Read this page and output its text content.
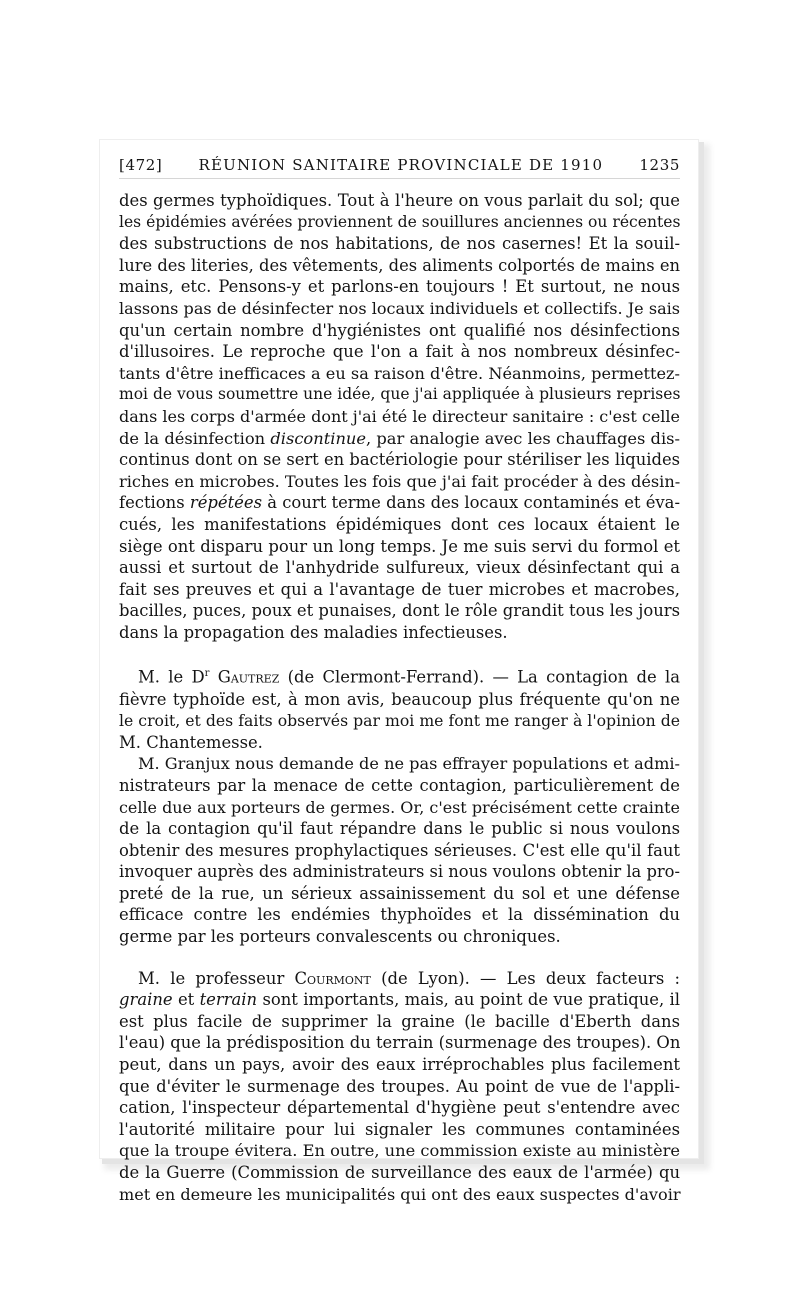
[472] RÉUNION SANITAIRE PROVINCIALE DE 1910 1235

des germes typhoïdiques. Tout à l'heure on vous parlait du sol; que
les épidémies avérées proviennent de souillures anciennes ou récentes
des substructions de nos habitations, de nos casernes! Et la souil-
lure des literies, des vêtements, des aliments colportés de mains en
mains, etc. Pensons-y et parlons-en toujours ! Et surtout, ne nous
lassons pas de désinfecter nos locaux individuels et collectifs. Je sais
qu'un certain nombre d'hygiénistes ont qualifié nos désinfections
d'illusoires. Le reproche que l'on a fait à nos nombreux désinfec-
tants d'être inefficaces a eu sa raison d'être. Néanmoins, permettez-
moi de vous soumettre une idée, que j'ai appliquée à plusieurs reprises
dans les corps d'armée dont j'ai été le directeur sanitaire : c'est celle
de la désinfection discontinue, par analogie avec les chauffages dis-
continus dont on se sert en bactériologie pour stériliser les liquides
riches en microbes. Toutes les fois que j'ai fait procéder à des désin-
fections répétées à court terme dans des locaux contaminés et éva-
cués, les manifestations épidémiques dont ces locaux étaient le
siège ont disparu pour un long temps. Je me suis servi du formol et
aussi et surtout de l'anhydride sulfureux, vieux désinfectant qui a
fait ses preuves et qui a l'avantage de tuer microbes et macrobes,
bacilles, puces, poux et punaises, dont le rôle grandit tous les jours
dans la propagation des maladies infectieuses.

M. le $D^r$ Gautrez (de Clermont-Ferrand). — La contagion de la
fièvre typhoïde est, à mon avis, beaucoup plus fréquente qu'on ne
le croit, et des faits observés par moi me font me ranger à l'opinion de
M. Chantemesse.

M. Granjux nous demande de ne pas effrayer populations et admi-
nistrateurs par la menace de cette contagion, particulièrement de
celle due aux porteurs de germes. Or, c'est précisément cette crainte
de la contagion qu'il faut répandre dans le public si nous voulons
obtenir des mesures prophylactiques sérieuses. C'est elle qu'il faut
invoquer auprès des administrateurs si nous voulons obtenir la pro-
preté de la rue, un sérieux assainissement du sol et une défense
efficace contre les endémies thyphoïdes et la dissémination du
germe par les porteurs convalescents ou chroniques.

M. le professeur Courmont (de Lyon). — Les deux facteurs :
graine et terrain sont importants, mais, au point de vue pratique, il
est plus facile de supprimer la graine (le bacille d'Eberth dans
l'eau) que la prédisposition du terrain (surmenage des troupes). On
peut, dans un pays, avoir des eaux irréprochables plus facilement
que d'éviter le surmenage des troupes. Au point de vue de l'appli-
cation, l'inspecteur départemental d'hygiène peut s'entendre avec
l'autorité militaire pour lui signaler les communes contaminées
que la troupe évitera. En outre, une commission existe au ministère
de la Guerre (Commission de surveillance des eaux de l'armée) qu
met en demeure les municipalités qui ont des eaux suspectes d'avoir
